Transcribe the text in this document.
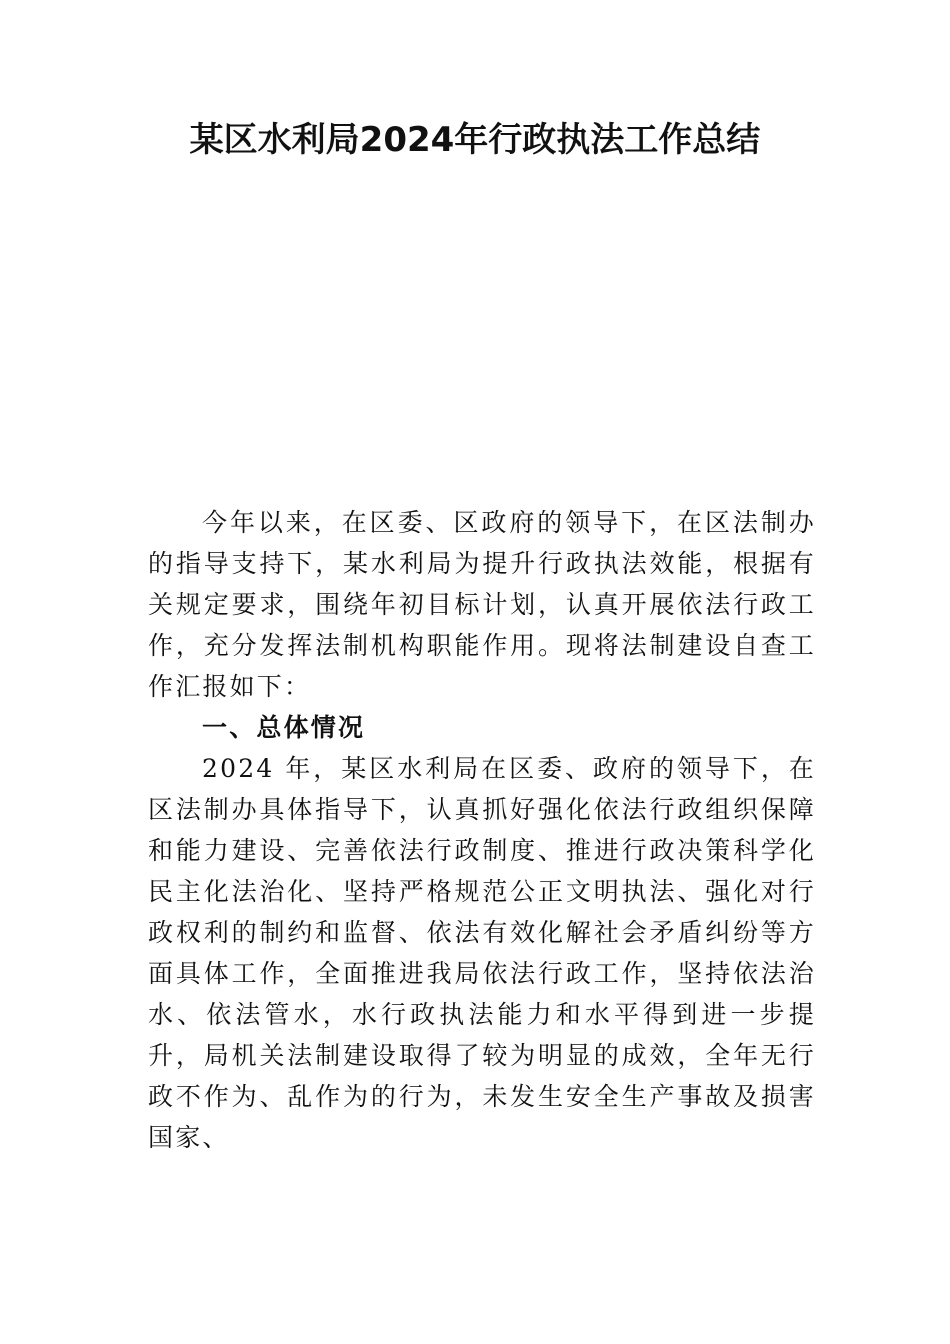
某区水利局2024年行政执法工作总结

今年以来，在区委、区政府的领导下，在区法制办的指导支持下，某水利局为提升行政执法效能，根据有关规定要求，围绕年初目标计划，认真开展依法行政工作，充分发挥法制机构职能作用。现将法制建设自查工作汇报如下：

一、总体情况

2024 年，某区水利局在区委、政府的领导下，在区法制办具体指导下，认真抓好强化依法行政组织保障和能力建设、完善依法行政制度、推进行政决策科学化民主化法治化、坚持严格规范公正文明执法、强化对行政权利的制约和监督、依法有效化解社会矛盾纠纷等方面具体工作，全面推进我局依法行政工作，坚持依法治水、依法管水，水行政执法能力和水平得到进一步提升，局机关法制建设取得了较为明显的成效，全年无行政不作为、乱作为的行为，未发生安全生产事故及损害国家、
